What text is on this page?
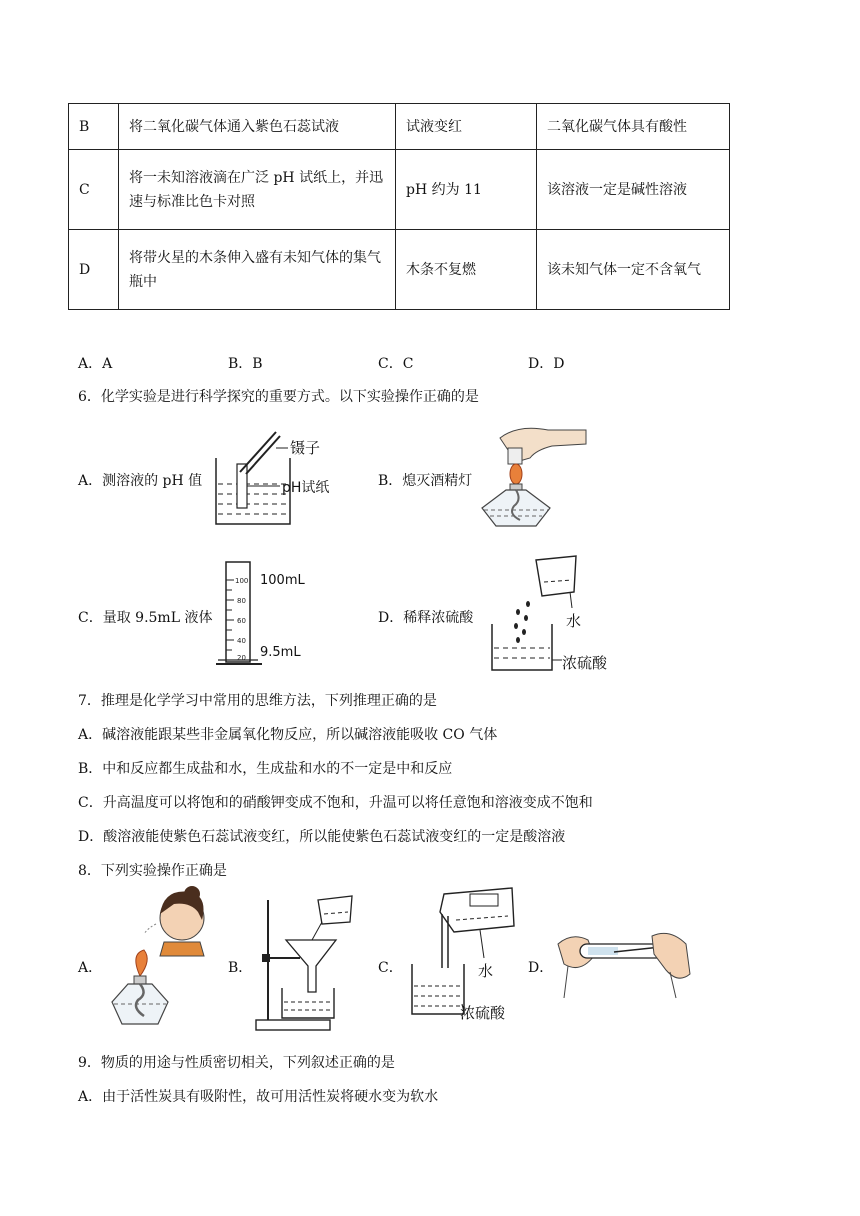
B	将二氧化碳气体通入紫色石蕊试液	试液变红	二氧化碳气体具有酸性
C	将一未知溶液滴在广泛 pH 试纸上，并迅速与标准比色卡对照	pH 约为 11	该溶液一定是碱性溶液
D	将带火星的木条伸入盛有未知气体的集气瓶中	木条不复燃	该未知气体一定不含氧气
A．A	B．B	C．C	D．D
6．化学实验是进行科学探究的重要方式。以下实验操作正确的是
A．测溶液的 pH 值
镊子
pH试纸	B．熄灭酒精灯
C．量取 9.5mL 液体
100
80
60
40
20
100mL
9.5mL
D．稀释浓硫酸	水
浓硫酸
7．推理是化学学习中常用的思维方法，下列推理正确的是
A．碱溶液能跟某些非金属氧化物反应，所以碱溶液能吸收 CO 气体
B．中和反应都生成盐和水，生成盐和水的不一定是中和反应
C．升高温度可以将饱和的硝酸钾变成不饱和，升温可以将任意饱和溶液变成不饱和
D．酸溶液能使紫色石蕊试液变红，所以能使紫色石蕊试液变红的一定是酸溶液
8．下列实验操作正确是
A．	B．	C．	水
浓硫酸
D．
9．物质的用途与性质密切相关，下列叙述正确的是
A．由于活性炭具有吸附性，故可用活性炭将硬水变为软水
